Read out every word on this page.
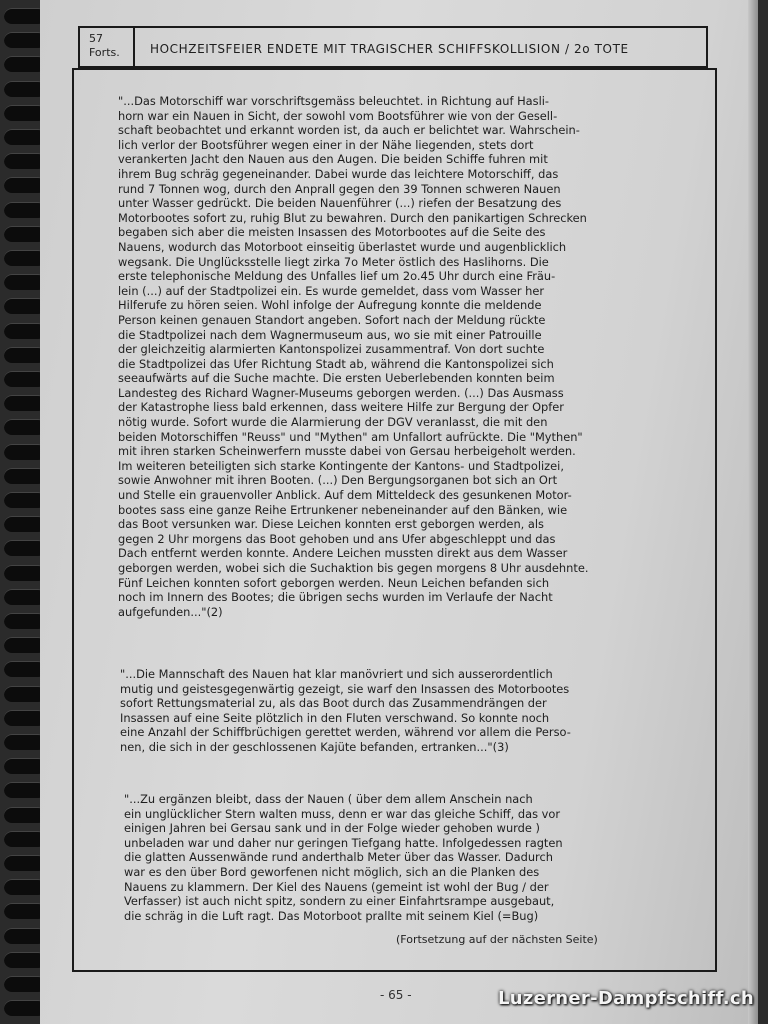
57
Forts.	HOCHZEITSFEIER ENDETE MIT TRAGISCHER SCHIFFSKOLLISION / 2o TOTE
"...Das Motorschiff war vorschriftsgemäss beleuchtet. in Richtung auf Hasli-
horn war ein Nauen in Sicht, der sowohl vom Bootsführer wie von der Gesell-
schaft beobachtet und erkannt worden ist, da auch er belichtet war. Wahrschein-
lich verlor der Bootsführer wegen einer in der Nähe liegenden, stets dort
verankerten Jacht den Nauen aus den Augen. Die beiden Schiffe fuhren mit
ihrem Bug schräg gegeneinander. Dabei wurde das leichtere Motorschiff, das
rund 7 Tonnen wog, durch den Anprall gegen den 39 Tonnen schweren Nauen
unter Wasser gedrückt. Die beiden Nauenführer (...) riefen der Besatzung des
Motorbootes sofort zu, ruhig Blut zu bewahren. Durch den panikartigen Schrecken
begaben sich aber die meisten Insassen des Motorbootes auf die Seite des
Nauens, wodurch das Motorboot einseitig überlastet wurde und augenblicklich
wegsank. Die Unglücksstelle liegt zirka 7o Meter östlich des Haslihorns. Die
erste telephonische Meldung des Unfalles lief um 2o.45 Uhr durch eine Fräu-
lein (...) auf der Stadtpolizei ein. Es wurde gemeldet, dass vom Wasser her
Hilferufe zu hören seien. Wohl infolge der Aufregung konnte die meldende
Person keinen genauen Standort angeben. Sofort nach der Meldung rückte
die Stadtpolizei nach dem Wagnermuseum aus, wo sie mit einer Patrouille
der gleichzeitig alarmierten Kantonspolizei zusammentraf. Von dort suchte
die Stadtpolizei das Ufer Richtung Stadt ab, während die Kantonspolizei sich
seeaufwärts auf die Suche machte. Die ersten Ueberlebenden konnten beim
Landesteg des Richard Wagner-Museums geborgen werden. (...) Das Ausmass
der Katastrophe liess bald erkennen, dass weitere Hilfe zur Bergung der Opfer
nötig wurde. Sofort wurde die Alarmierung der DGV veranlasst, die mit den
beiden Motorschiffen "Reuss" und "Mythen" am Unfallort aufrückte. Die "Mythen"
mit ihren starken Scheinwerfern musste dabei von Gersau herbeigeholt werden.
Im weiteren beteiligten sich starke Kontingente der Kantons- und Stadtpolizei,
sowie Anwohner mit ihren Booten. (...) Den Bergungsorganen bot sich an Ort
und Stelle ein grauenvoller Anblick. Auf dem Mitteldeck des gesunkenen Motor-
bootes sass eine ganze Reihe Ertrunkener nebeneinander auf den Bänken, wie
das Boot versunken war. Diese Leichen konnten erst geborgen werden, als
gegen 2 Uhr morgens das Boot gehoben und ans Ufer abgeschleppt und das
Dach entfernt werden konnte. Andere Leichen mussten direkt aus dem Wasser
geborgen werden, wobei sich die Suchaktion bis gegen morgens 8 Uhr ausdehnte.
Fünf Leichen konnten sofort geborgen werden. Neun Leichen befanden sich
noch im Innern des Bootes; die übrigen sechs wurden im Verlaufe der Nacht
aufgefunden..."(2)
"...Die Mannschaft des Nauen hat klar manövriert und sich ausserordentlich
mutig und geistesgegenwärtig gezeigt, sie warf den Insassen des Motorbootes
sofort Rettungsmaterial zu, als das Boot durch das Zusammendrängen der
Insassen auf eine Seite plötzlich in den Fluten verschwand. So konnte noch
eine Anzahl der Schiffbrüchigen gerettet werden, während vor allem die Perso-
nen, die sich in der geschlossenen Kajüte befanden, ertranken..."(3)
"...Zu ergänzen bleibt, dass der Nauen ( über dem allem Anschein nach
ein unglücklicher Stern walten muss, denn er war das gleiche Schiff, das vor
einigen Jahren bei Gersau sank und in der Folge wieder gehoben wurde )
unbeladen war und daher nur geringen Tiefgang hatte. Infolgedessen ragten
die glatten Aussenwände rund anderthalb Meter über das Wasser. Dadurch
war es den über Bord geworfenen nicht möglich, sich an die Planken des
Nauens zu klammern. Der Kiel des Nauens (gemeint ist wohl der Bug / der
Verfasser) ist auch nicht spitz, sondern zu einer Einfahrtsrampe ausgebaut,
die schräg in die Luft ragt. Das Motorboot prallte mit seinem Kiel (=Bug)
(Fortsetzung auf der nächsten Seite)
- 65 -	Luzerner-Dampfschiff.ch
